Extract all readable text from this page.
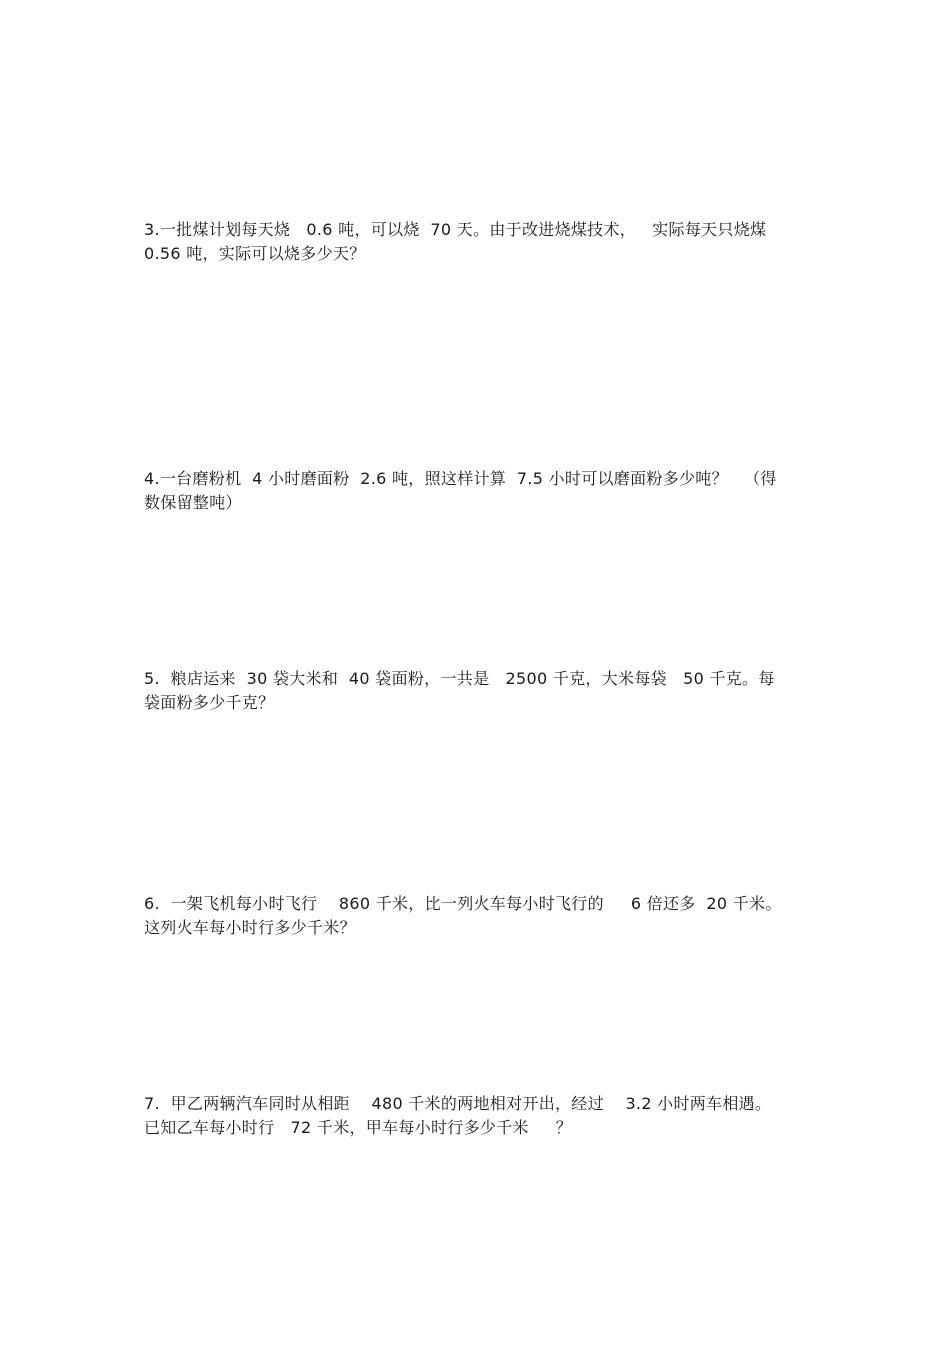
3.一批煤计划每天烧   0.6 吨，可以烧  70 天。由于改进烧煤技术，   实际每天只烧煤
0.56 吨，实际可以烧多少天？
4.一台磨粉机  4 小时磨面粉  2.6 吨，照这样计算  7.5 小时可以磨面粉多少吨？   （得
数保留整吨）
5.  粮店运来  30 袋大米和  40 袋面粉，一共是   2500 千克，大米每袋   50 千克。每
袋面粉多少千克？
6.  一架飞机每小时飞行    860 千米，比一列火车每小时飞行的     6 倍还多  20 千米。
这列火车每小时行多少千米？
7.  甲乙两辆汽车同时从相距    480 千米的两地相对开出，经过    3.2 小时两车相遇。
已知乙车每小时行   72 千米，甲车每小时行多少千米     ？
